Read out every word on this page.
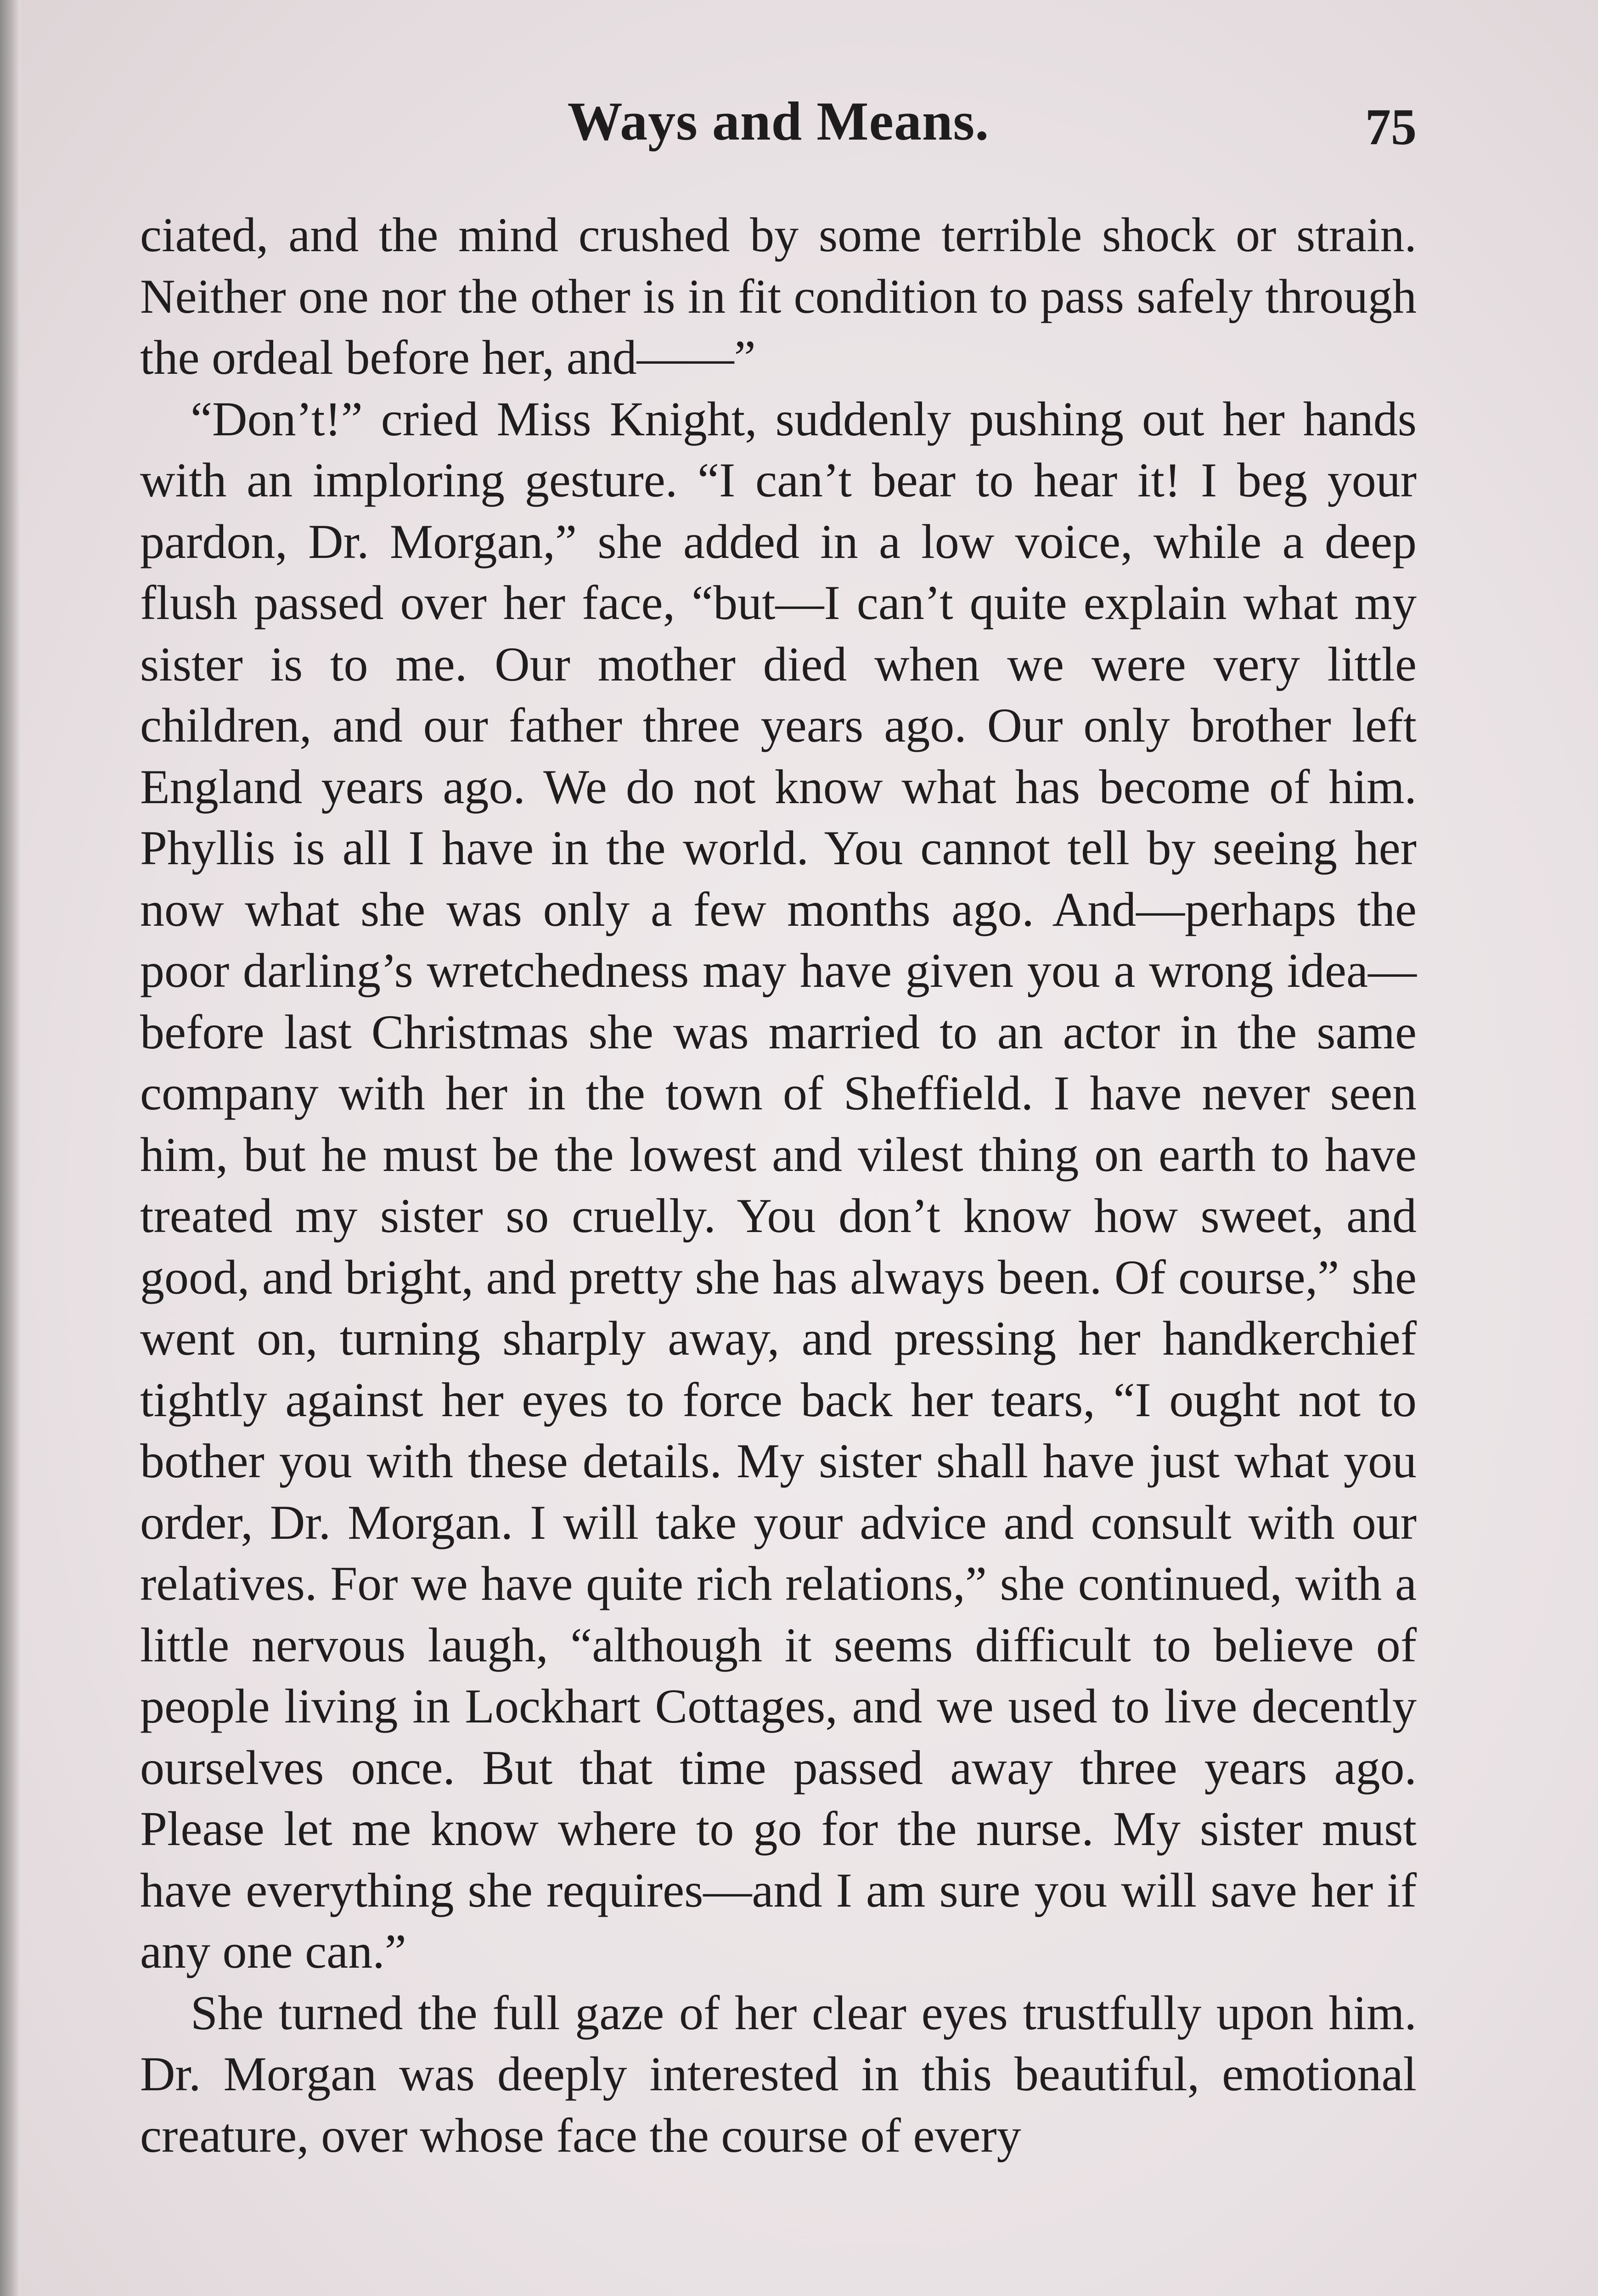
Ways and Means.	75

ciated, and the mind crushed by some terrible shock or strain. Neither one nor the other is in fit condition to pass safely through the ordeal before her, and——”

“Don’t!” cried Miss Knight, suddenly pushing out her hands with an imploring gesture. “I can’t bear to hear it! I beg your pardon, Dr. Morgan,” she added in a low voice, while a deep flush passed over her face, “but—I can’t quite explain what my sister is to me. Our mother died when we were very little children, and our father three years ago. Our only brother left England years ago. We do not know what has become of him. Phyllis is all I have in the world. You cannot tell by seeing her now what she was only a few months ago. And—perhaps the poor darling’s wretchedness may have given you a wrong idea—before last Christmas she was married to an actor in the same company with her in the town of Sheffield. I have never seen him, but he must be the lowest and vilest thing on earth to have treated my sister so cruelly. You don’t know how sweet, and good, and bright, and pretty she has always been. Of course,” she went on, turning sharply away, and pressing her handkerchief tightly against her eyes to force back her tears, “I ought not to bother you with these details. My sister shall have just what you order, Dr. Morgan. I will take your advice and consult with our relatives. For we have quite rich relations,” she continued, with a little nervous laugh, “although it seems difficult to believe of people living in Lockhart Cottages, and we used to live decently ourselves once. But that time passed away three years ago. Please let me know where to go for the nurse. My sister must have everything she requires—and I am sure you will save her if any one can.”

She turned the full gaze of her clear eyes trustfully upon him. Dr. Morgan was deeply interested in this beautiful, emotional creature, over whose face the course of every
